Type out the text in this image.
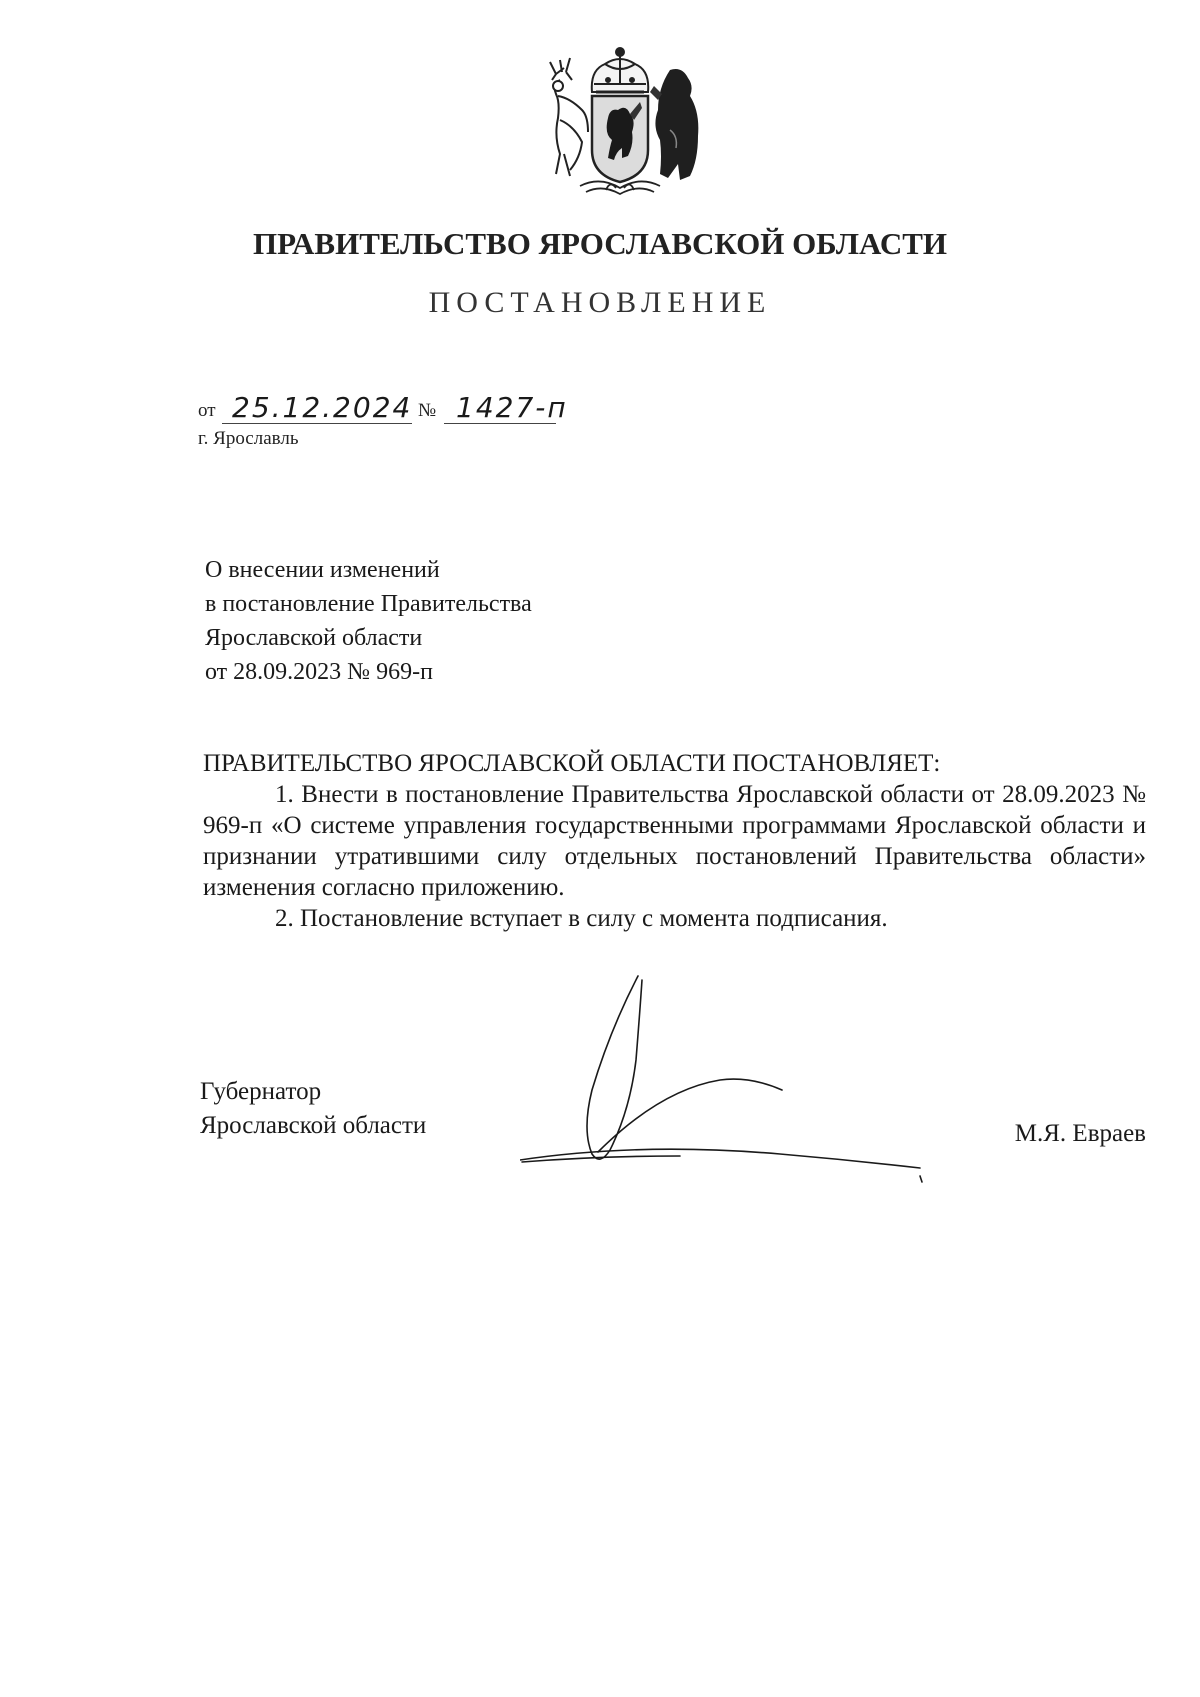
ПРАВИТЕЛЬСТВО ЯРОСЛАВСКОЙ ОБЛАСТИ
ПОСТАНОВЛЕНИЕ
от 25.12.2024 № 1427-п
г. Ярославль
О внесении изменений
в постановление Правительства
Ярославской области
от 28.09.2023 № 969-п
ПРАВИТЕЛЬСТВО ЯРОСЛАВСКОЙ ОБЛАСТИ ПОСТАНОВЛЯЕТ:

1. Внести в постановление Правительства Ярославской области от 28.09.2023 № 969-п «О системе управления государственными программами Ярославской области и признании утратившими силу отдельных постановлений Правительства области» изменения согласно приложению.

2. Постановление вступает в силу с момента подписания.

Губернатор
Ярославской области	М.Я. Евраев
